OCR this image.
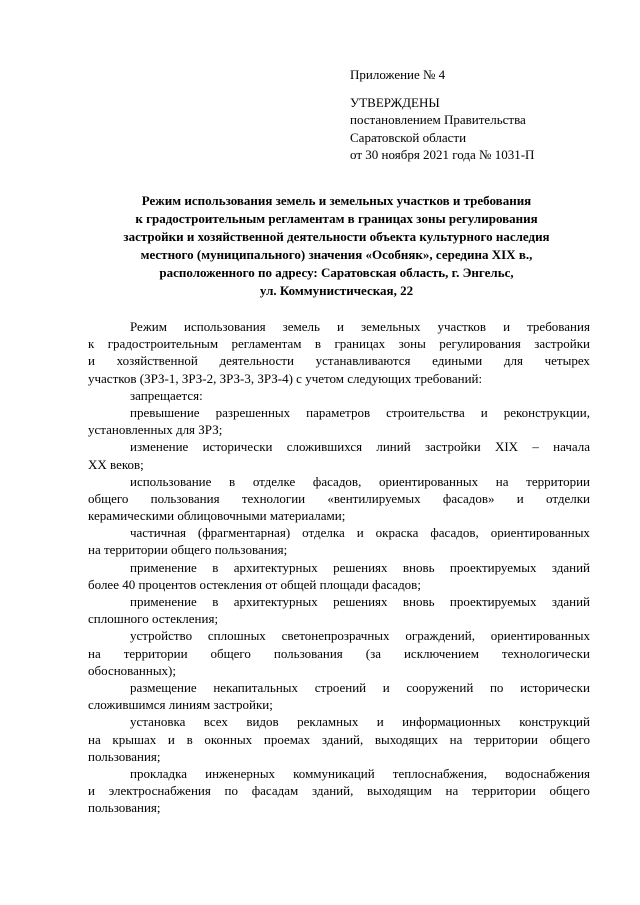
Приложение № 4
УТВЕРЖДЕНЫ
постановлением Правительства
Саратовской области
от 30 ноября 2021 года № 1031-П
Режим использования земель и земельных участков и требования
к градостроительным регламентам в границах зоны регулирования
застройки и хозяйственной деятельности объекта культурного наследия
местного (муниципального) значения «Особняк», середина XIX в.,
расположенного по адресу: Саратовская область, г. Энгельс,
ул. Коммунистическая, 22
Режим использования земель и земельных участков и требования
к градостроительным регламентам в границах зоны регулирования застройки
и хозяйственной деятельности устанавливаются едиными для четырех
участков (ЗРЗ-1, ЗРЗ-2, ЗРЗ-3, ЗРЗ-4) с учетом следующих требований:
запрещается:
превышение разрешенных параметров строительства и реконструкции,
установленных для ЗРЗ;
изменение исторически сложившихся линий застройки XIX – начала
XX веков;
использование в отделке фасадов, ориентированных на территории
общего пользования технологии «вентилируемых фасадов» и отделки
керамическими облицовочными материалами;
частичная (фрагментарная) отделка и окраска фасадов, ориентированных
на территории общего пользования;
применение в архитектурных решениях вновь проектируемых зданий
более 40 процентов остекления от общей площади фасадов;
применение в архитектурных решениях вновь проектируемых зданий
сплошного остекления;
устройство сплошных светонепрозрачных ограждений, ориентированных
на территории общего пользования (за исключением технологически
обоснованных);
размещение некапитальных строений и сооружений по исторически
сложившимся линиям застройки;
установка всех видов рекламных и информационных конструкций
на крышах и в оконных проемах зданий, выходящих на территории общего
пользования;
прокладка инженерных коммуникаций теплоснабжения, водоснабжения
и электроснабжения по фасадам зданий, выходящим на территории общего
пользования;
